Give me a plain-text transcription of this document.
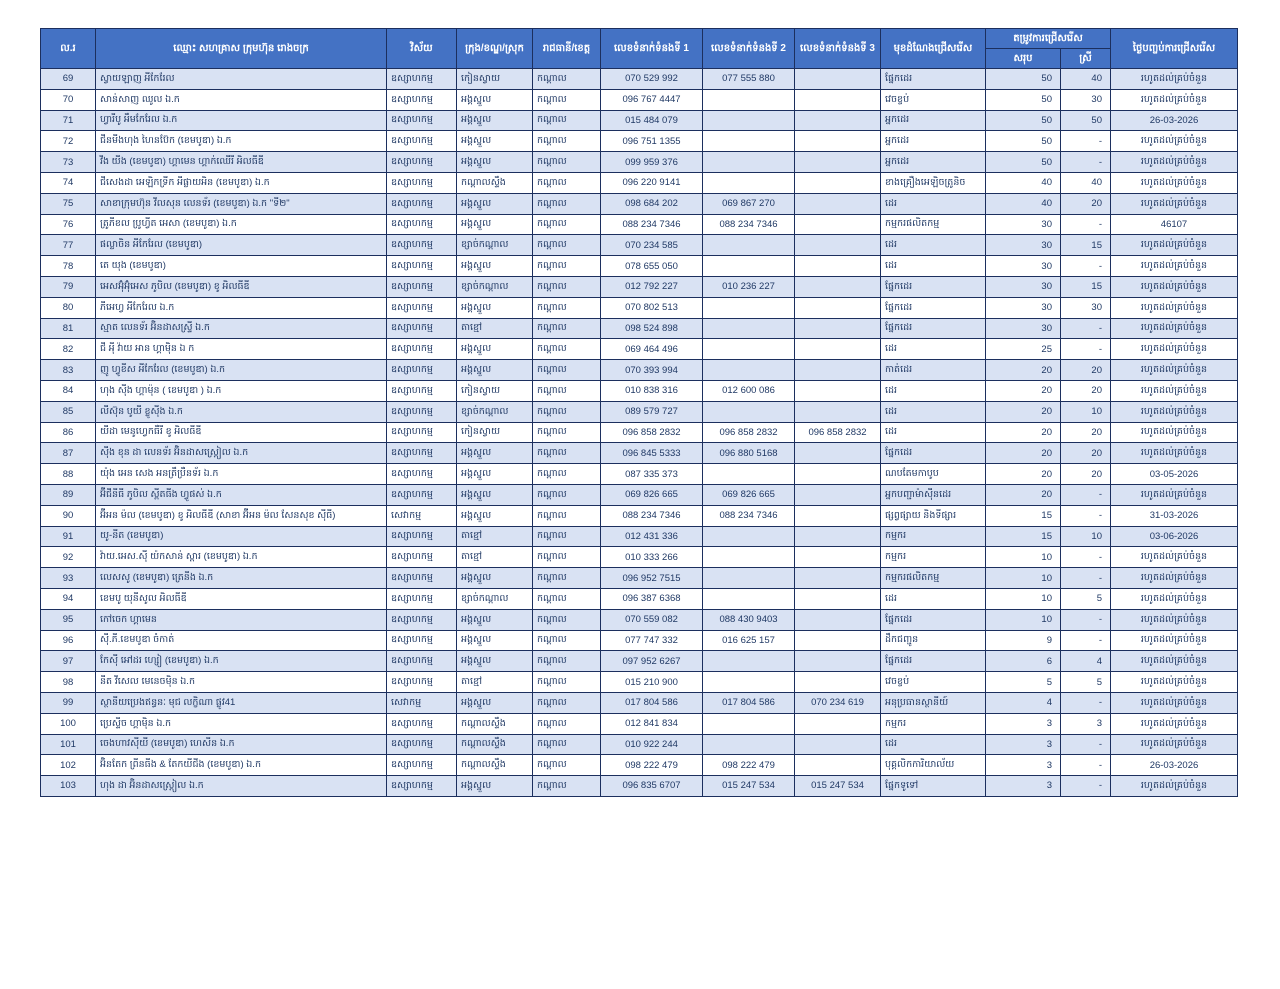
ល.រ	ឈ្មោះ សហគ្រាស ក្រុមហ៊ុន រោងចក្រ	វិស័យ	ក្រុង/ខណ្ឌ/ស្រុក	រាជធានី/ខេត្ត	លេខទំនាក់ទំនងទី 1	លេខទំនាក់ទំនងទី 2	លេខទំនាក់ទំនងទី 3	មុខដំណែងជ្រើសរើស	តម្រូវការជ្រើសរើស		ថ្ងៃបញ្ចប់ការជ្រើសរើស
									សរុប	ស្រី	
69	ស្វាយឡាញ អីកែរែល	ឧស្សាហកម្ម	កៀនស្វាយ	កណ្តាល	070 529 992	077 555 880		ផ្នែកដេរ	50	40	រហូតដល់គ្រប់ចំនួន
70	សាន់សាញ ឈូល ឯ.ក	ឧស្សាហកម្ម	អង្គស្នួល	កណ្តាល	096 767 4447			វេចខ្ចប់	50	30	រហូតដល់គ្រប់ចំនួន
71	ហ្វារីបូ អឹមកែរែល ឯ.ក	ឧស្សាហកម្ម	អង្គស្នួល	កណ្តាល	015 484 079			អ្នកដេរ	50	50	26-03-2026
72	ជីនមីងហុង ហៃនប៊ែក (ខេមបូឌា) ឯ.ក	ឧស្សាហកម្ម	អង្គស្នួល	កណ្តាល	096 751 1355			អ្នកដេរ	50	-	រហូតដល់គ្រប់ចំនួន
73	វីង យីង (ខេមបូឌា) ហ្គាមេន ហ្គាក់ឈើរី អិលធីឌី	ឧស្សាហកម្ម	អង្គស្នួល	កណ្តាល	099 959 376			អ្នកដេរ	50	-	រហូតដល់គ្រប់ចំនួន
74	ជីសេងដា អេឡិកទ្រីក អីផ្លាយអិន (ខេមបូឌា) ឯ.ក	ឧស្សាហកម្ម	កណ្តាលស្ទឹង	កណ្តាល	096 220 9141			ខាងគ្រឿងអេឡិចត្រូនិច	40	40	រហូតដល់គ្រប់ចំនួន
75	សាខាក្រុមហ៊ុន វីលសុន លេនទ័រ (ខេមបូឌា) ឯ.ក "ទី២"	ឧស្សាហកម្ម	អង្គស្នួល	កណ្តាល	098 684 202	069 867 270		ដេរ	40	20	រហូតដល់គ្រប់ចំនួន
76	ត្រូភីខល ប្រូហ្វីត អេសា (ខេមបូឌា) ឯ.ក	ឧស្សាហកម្ម	អង្គស្នួល	កណ្តាល	088 234 7346	088 234 7346		កម្មករផលិតកម្ម	30	-	46107
77	ផល្លាចិន អីកែរែល (ខេមបូឌា)	ឧស្សាហកម្ម	ខ្សាច់កណ្តាល	កណ្តាល	070 234 585			ដេរ	30	15	រហូតដល់គ្រប់ចំនួន
78	តេ យុង (ខេមបូឌា)	ឧស្សាហកម្ម	អង្គស្នួល	កណ្តាល	078 655 050			ដេរ	30	-	រហូតដល់គ្រប់ចំនួន
79	អេសអ៊ុំអ៊ុំអេស ភូបិល (ខេមបូឌា) ខូ អិលធីឌី	ឧស្សាហកម្ម	ខ្សាច់កណ្តាល	កណ្តាល	012 792 227	010 236 227		ផ្នែកដេរ	30	15	រហូតដល់គ្រប់ចំនួន
80	ភីអេហ្វ អីកែរែល ឯ.ក	ឧស្សាហកម្ម	អង្គស្នួល	កណ្តាល	070 802 513			ផ្នែកដេរ	30	30	រហូតដល់គ្រប់ចំនួន
81	ស្មាត លេនទ័រ អ៊ិនដាសស្ទ្រី ឯ.ក	ឧស្សាហកម្ម	តាខ្មៅ	កណ្តាល	098 524 898			ផ្នែកដេរ	30	-	រហូតដល់គ្រប់ចំនួន
82	ជី អុី វ៉ាយ អាន ហ្គាម៉ិន ឯ ក	ឧស្សាហកម្ម	អង្គស្នួល	កណ្តាល	069 464 496			ដេរ	25	-	រហូតដល់គ្រប់ចំនួន
83	ញូ ហ្វូខីស អីកែរែល (ខេមបូឌា) ឯ.ក	ឧស្សាហកម្ម	អង្គស្នួល	កណ្តាល	070 393 994			កាត់ដេរ	20	20	រហូតដល់គ្រប់ចំនួន
84	ហុង ស៊ីង ហ្គាម៉ុន ( ខេមបូឌា ) ឯ.ក	ឧស្សាហកម្ម	កៀនស្វាយ	កណ្តាល	010 838 316	012 600 086		ដេរ	20	20	រហូតដល់គ្រប់ចំនួន
85	លីស៊ុន បូយី ខ្លូស៊ីង ឯ.ក	ឧស្សាហកម្ម	ខ្សាច់កណ្តាល	កណ្តាល	089 579 727			ដេរ	20	10	រហូតដល់គ្រប់ចំនួន
86	យីដា មេនូហ្វេកធឺរី ខូ អិលធីឌី	ឧស្សាហកម្ម	កៀនស្វាយ	កណ្តាល	096 858 2832	096 858 2832	096 858 2832	ដេរ	20	20	រហូតដល់គ្រប់ចំនួន
87	ស៊ីង ខុន ដា លេនទ័រ អ៊ិនដាសស្រ្តៀល ឯ.ក	ឧស្សាហកម្ម	អង្គស្នួល	កណ្តាល	096 845 5333	096 880 5168		ផ្នែកដេរ	20	20	រហូតដល់គ្រប់ចំនួន
88	យ៉ុង អេន សេង អនត្រឹប្រឺនទ័រ ឯ.ក	ឧស្សាហកម្ម	អង្គស្នួល	កណ្តាល	087 335 373			ណបតែមកាបូប	20	20	03-05-2026
89	អ៊ីជីនីធី ភូបិល ស្ពីតធីង ហ្វូផស់ ឯ.ក	ឧស្សាហកម្ម	អង្គស្នួល	កណ្តាល	069 826 665	069 826 665		អ្នកបញ្ជាម៉ាស៊ីនដេរ	20	-	រហូតដល់គ្រប់ចំនួន
90	អ៊ីអន ម៉ល (ខេមបូឌា) ខូ អិលធីឌី (សាខា អ៊ីអន ម៉ល សែនសុខ ស៊ីធី)	សេវាកម្ម	អង្គស្នួល	កណ្តាល	088 234 7346	088 234 7346		ផ្សព្វផ្សាយ និងទីផ្សារ	15	-	31-03-2026
91	យូ-នីត (ខេមបូឌា)	ឧស្សាហកម្ម	តាខ្មៅ	កណ្តាល	012 431 336			កម្មករ	15	10	03-06-2026
92	វ៉ាយ.អេស.សុី យ៉កសាន់ ស្ពារ (ខេមបូឌា) ឯ.ក	ឧស្សាហកម្ម	តាខ្មៅ	កណ្តាល	010 333 266			កម្មករ	10	-	រហូតដល់គ្រប់ចំនួន
93	លេសសូ (ខេមបូឌា) ត្រេនីង ឯ.ក	ឧស្សាហកម្ម	អង្គស្នួល	កណ្តាល	096 952 7515			កម្មករផលិតកម្ម	10	-	រហូតដល់គ្រប់ចំនួន
94	ខេមបូ យុនីសូល អិលធីឌី	ឧស្សាហកម្ម	ខ្សាច់កណ្តាល	កណ្តាល	096 387 6368			ដេរ	10	5	រហូតដល់គ្រប់ចំនួន
95	កៅចេក ហ្គាមេន	ឧស្សាហកម្ម	អង្គស្នួល	កណ្តាល	070 559 082	088 430 9403		ផ្នែកដេរ	10	-	រហូតដល់គ្រប់ចំនួន
96	ស៊ី.ភី.ខេមបូឌា ចំកាត់	ឧស្សាហកម្ម	អង្គស្នួល	កណ្តាល	077 747 332	016 625 157		ដឹកជញ្ជូន	9	-	រហូតដល់គ្រប់ចំនួន
97	កែស៊ី អៅដរ ហ្សៀ (ខេមបូឌា) ឯ.ក	ឧស្សាហកម្ម	អង្គស្នួល	កណ្តាល	097 952 6267			ផ្នែកដេរ	6	4	រហូតដល់គ្រប់ចំនួន
98	នីត វីសេល មេនេចម៉ិន ឯ.ក	ឧស្សាហកម្ម	តាខ្មៅ	កណ្តាល	015 210 900			វេចខ្ចប់	5	5	រហូតដល់គ្រប់ចំនួន
99	ស្ថានីយប្រេងឥន្ធនៈ មុជ លក្ខិណា ផ្លូវ41	សេវាកម្ម	អង្គស្នួល	កណ្តាល	017 804 586	017 804 586	070 234 619	អនុប្រធានស្ថានីយ៍	4	-	រហូតដល់គ្រប់ចំនួន
100	ប្រេស្ទីច ហ្គាម៉ិន ឯ.ក	ឧស្សាហកម្ម	កណ្តាលស្ទឹង	កណ្តាល	012 841 834			កម្មករ	3	3	រហូតដល់គ្រប់ចំនួន
101	ចេងហាវស៊ីយី (ខេមបូឌា) ហេសីន ឯ.ក	ឧស្សាហកម្ម	កណ្តាលស្ទឹង	កណ្តាល	010 922 244			ដេរ	3	-	រហូតដល់គ្រប់ចំនួន
102	អ៊ិនតែក ព្រីនធីង & តែកយីជីង (ខេមបូឌា) ឯ.ក	ឧស្សាហកម្ម	កណ្តាលស្ទឹង	កណ្តាល	098 222 479	098 222 479		បុគ្គលិកការិយាល័យ	3	-	26-03-2026
103	ហុង ដា អ៊ិនដាសស្រ្តៀល ឯ.ក	ឧស្សាហកម្ម	អង្គស្នួល	កណ្តាល	096 835 6707	015 247 534	015 247 534	ផ្នែកទូទៅ	3	-	រហូតដល់គ្រប់ចំនួន
